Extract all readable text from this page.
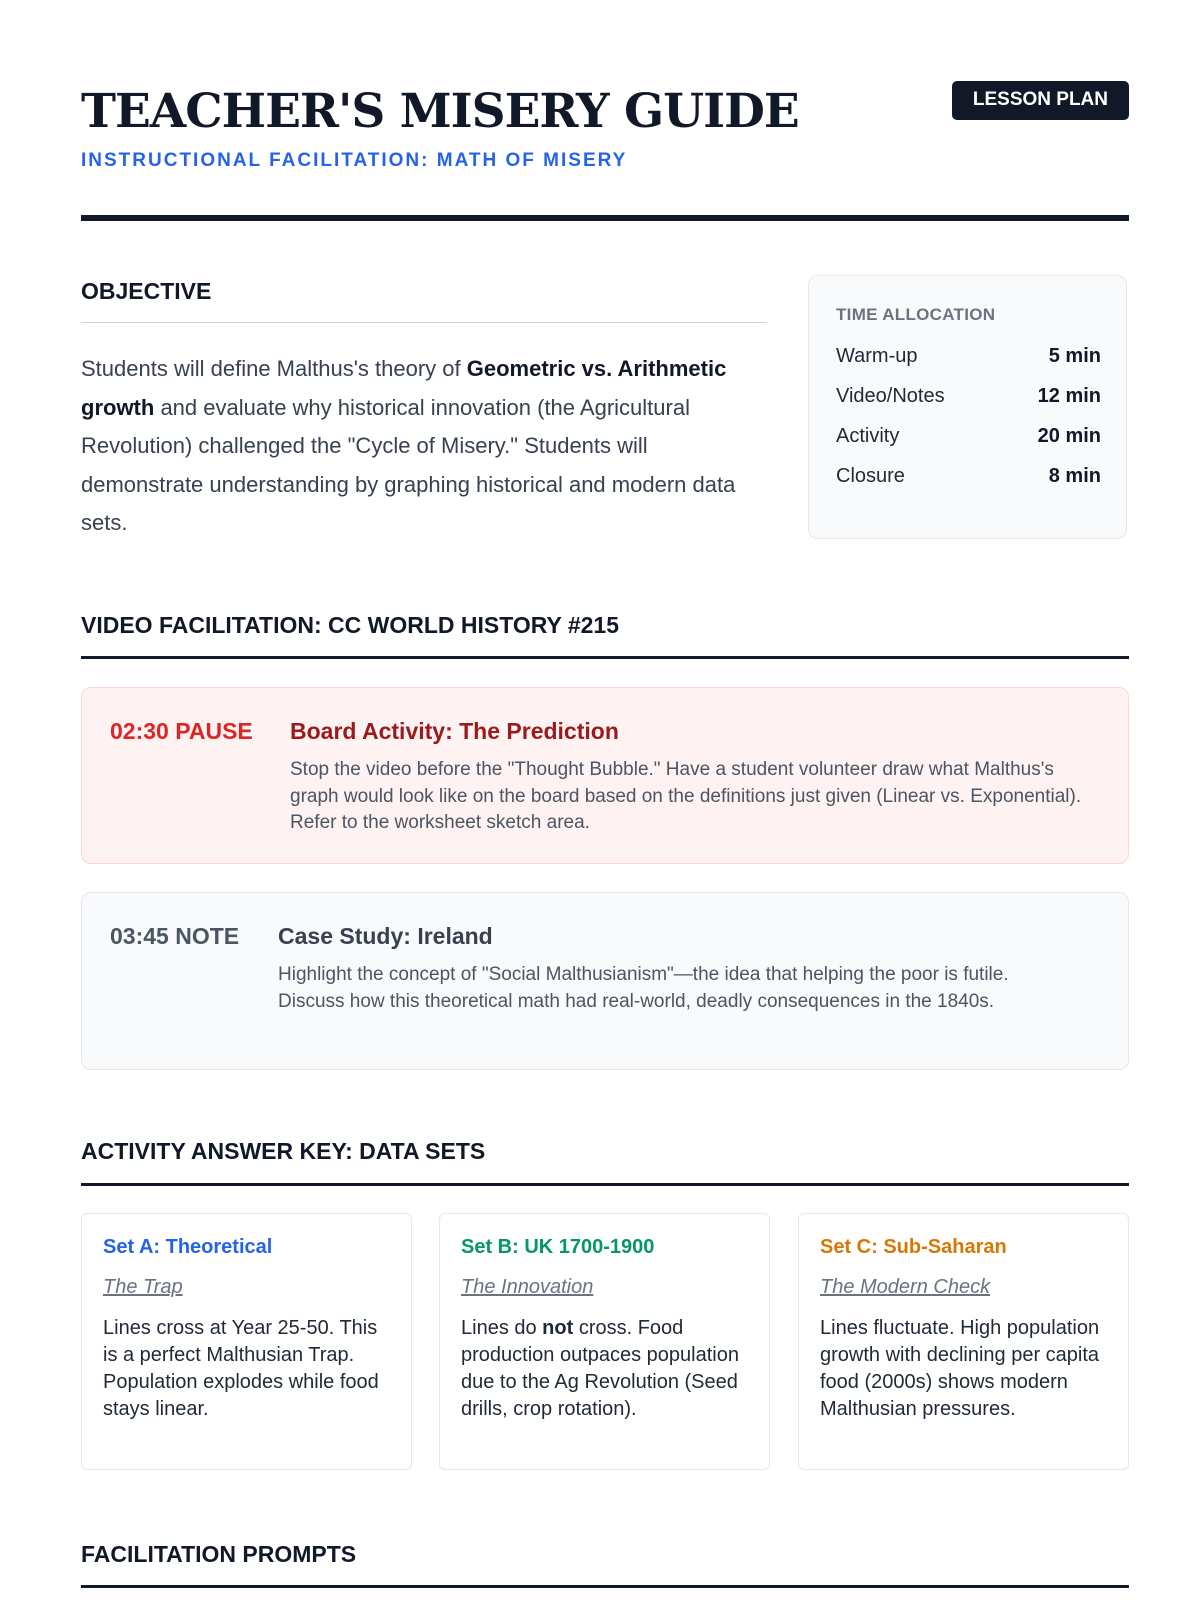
TEACHER'S MISERY GUIDE

INSTRUCTIONAL FACILITATION: MATH OF MISERY

LESSON PLAN
OBJECTIVE

Students will define Malthus's theory of Geometric vs. Arithmetic growth and evaluate why historical innovation (the Agricultural Revolution) challenged the "Cycle of Misery." Students will demonstrate understanding by graphing historical and modern data sets.

TIME ALLOCATION
Warm-up	5 min
Video/Notes	12 min
Activity	20 min
Closure	8 min
VIDEO FACILITATION: CC WORLD HISTORY #215
02:30 PAUSE Board Activity: The Prediction

Stop the video before the "Thought Bubble." Have a student volunteer draw what Malthus's graph would look like on the board based on the definitions just given (Linear vs. Exponential). Refer to the worksheet sketch area.

03:45 NOTE Case Study: Ireland

Highlight the concept of "Social Malthusianism"—the idea that helping the poor is futile. Discuss how this theoretical math had real-world, deadly consequences in the 1840s.

ACTIVITY ANSWER KEY: DATA SETS
Set A: Theoretical
The Trap

Lines cross at Year 25-50. This is a perfect Malthusian Trap. Population explodes while food stays linear.

Set B: UK 1700-1900
The Innovation

Lines do not cross. Food production outpaces population due to the Ag Revolution (Seed drills, crop rotation).

Set C: Sub-Saharan
The Modern Check

Lines fluctuate. High population growth with declining per capita food (2000s) shows modern Malthusian pressures.

FACILITATION PROMPTS
